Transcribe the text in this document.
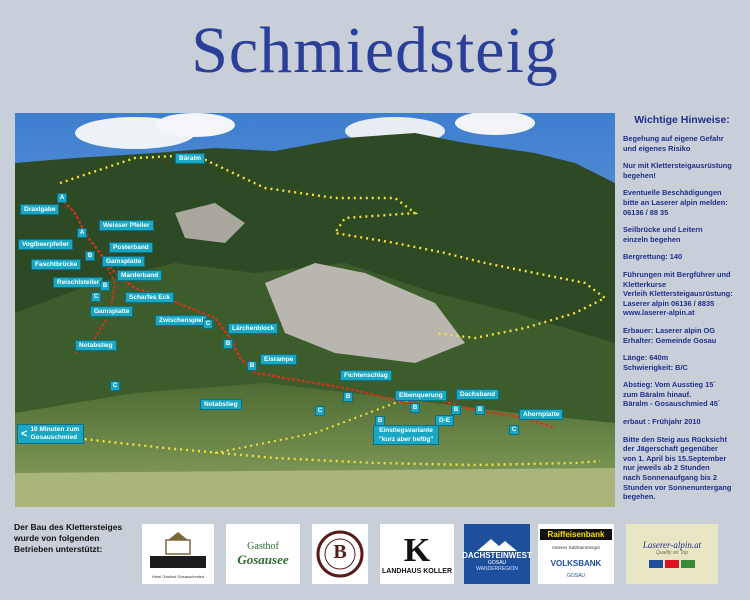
Schmiedsteig
Bäralm
Draxlgabe
Weisser Pfeiler
Voglbeerpfeiler	Posterband
Gamsplatte
Faschtbrücke
Marderband
Reischlsteiler
Scharfes Eck
Gamsplatte
Zwischenspiel
Lärchenblock
Notabstieg
Eisrampe
Fichtenschlag
Notabstieg
Elbenquerung	Dachsband
Ahornplatte
Einstiegsvariante "kurz aber heftig"
D-E
< 10 Minuten zum Gosauschmied
A
A
B
B
C
C
B
B
C
B
B	B
C
C
B
B
Wichtige Hinweise:

Begehung auf eigene Gefahr
und eigenes Risiko

Nur mit Klettersteigausrüstung
begehen!

Eventuelle Beschädigungen
bitte an Laserer alpin melden:
06136 / 88 35

Seilbrücke und Leitern
einzeln begehen

Bergrettung: 140

Führungen mit Bergführer und
Kletterkurse
Verleih Klettersteigausrüstung:
Laserer alpin 06136 / 8835
www.laserer-alpin.at

Erbauer: Laserer alpin OG
Erhalter: Gemeinde Gosau

Länge: 640m
Schwierigkeit: B/C

Abstieg: Vom Ausstieg 15´
zum Bäralm hinauf.
Bäralm - Gosauschmied 45´

erbaut : Frühjahr 2010

Bitte den Steig aus Rücksicht
der Jägerschaft gegenüber
von 1. April bis 15.September
nur jeweils ab 2 Stunden
nach Sonnenaufgang bis 2
Stunden vor Sonnenuntergang
begehen.

Der Bau des Klettersteiges
wurde von folgenden
Betrieben unterstützt:
Hotel Gasthof Gosauschmied
Gasthof
Gosausee	B	K
LANDHAUS KOLLER
DACHSTEINWEST
GOSAU
WANDERREGION
Raiffeisenbank
Inneres Salzkammergut
VOLKSBANK
GOSAU
Laserer-alpin.at
Quality on Top
